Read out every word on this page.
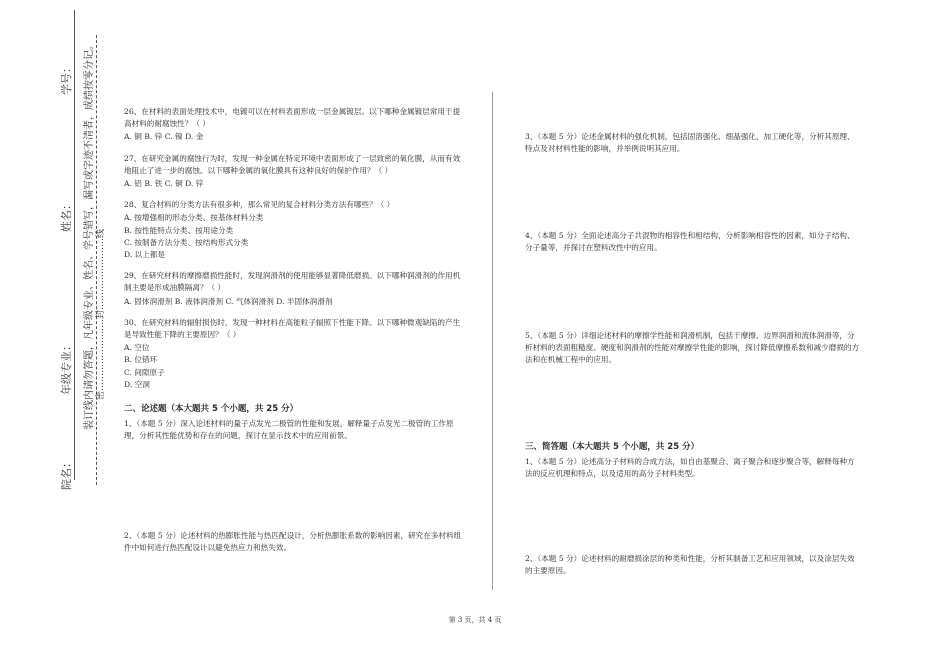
学号：
姓名：
年级专业：
院名：
装订线内请勿答题，凡年级专业、姓名、学号错写，漏写或字迹不清者，成绩按零分记。 密……………………封……………………线

26、在材料的表面处理技术中，电镀可以在材料表面形成一层金属镀层。以下哪种金属镀层常用于提高材料的耐腐蚀性？（ ）

A. 铜 B. 锌 C. 镍 D. 金

27、在研究金属的腐蚀行为时，发现一种金属在特定环境中表面形成了一层致密的氧化膜，从而有效地阻止了进一步的腐蚀。以下哪种金属的氧化膜具有这种良好的保护作用？（ ）

A. 铝 B. 铁 C. 铜 D. 锌

28、复合材料的分类方法有很多种，那么常见的复合材料分类方法有哪些？（ ）

A. 按增强相的形态分类、按基体材料分类

B. 按性能特点分类、按用途分类

C. 按制备方法分类、按结构形式分类

D. 以上都是

29、在研究材料的摩擦磨损性能时，发现润滑剂的使用能够显著降低磨损。以下哪种润滑剂的作用机制主要是形成油膜隔离？（ ）

A. 固体润滑剂 B. 液体润滑剂 C. 气体润滑剂 D. 半固体润滑剂

30、在研究材料的辐射损伤时，发现一种材料在高能粒子辐照下性能下降。以下哪种微观缺陷的产生是导致性能下降的主要原因？（ ）

A. 空位

B. 位错环

C. 间隙原子

D. 空洞

二、论述题（本大题共 5 个小题，共 25 分）

1、（本题 5 分）深入论述材料的量子点发光二极管的性能和发展，解释量子点发光二极管的工作原理，分析其性能优势和存在的问题，探讨在显示技术中的应用前景。

2、（本题 5 分）论述材料的热膨胀性能与热匹配设计，分析热膨胀系数的影响因素，研究在多材料组件中如何进行热匹配设计以避免热应力和热失效。

3、（本题 5 分）论述金属材料的强化机制，包括固溶强化、细晶强化、加工硬化等，分析其原理、特点及对材料性能的影响，并举例说明其应用。

4、（本题 5 分）全面论述高分子共混物的相容性和相结构，分析影响相容性的因素，如分子结构、分子量等，并探讨在塑料改性中的应用。

5、（本题 5 分）详细论述材料的摩擦学性能和润滑机制，包括干摩擦、边界润滑和流体润滑等，分析材料的表面粗糙度、硬度和润滑剂的性能对摩擦学性能的影响，探讨降低摩擦系数和减少磨损的方法和在机械工程中的应用。

三、简答题（本大题共 5 个小题，共 25 分）

1、（本题 5 分）论述高分子材料的合成方法，如自由基聚合、离子聚合和逐步聚合等，解释每种方法的反应机理和特点，以及适用的高分子材料类型。

2、（本题 5 分）论述材料的耐磨损涂层的种类和性能，分析其制备工艺和应用领域，以及涂层失效的主要原因。

第 3 页，共 4 页
